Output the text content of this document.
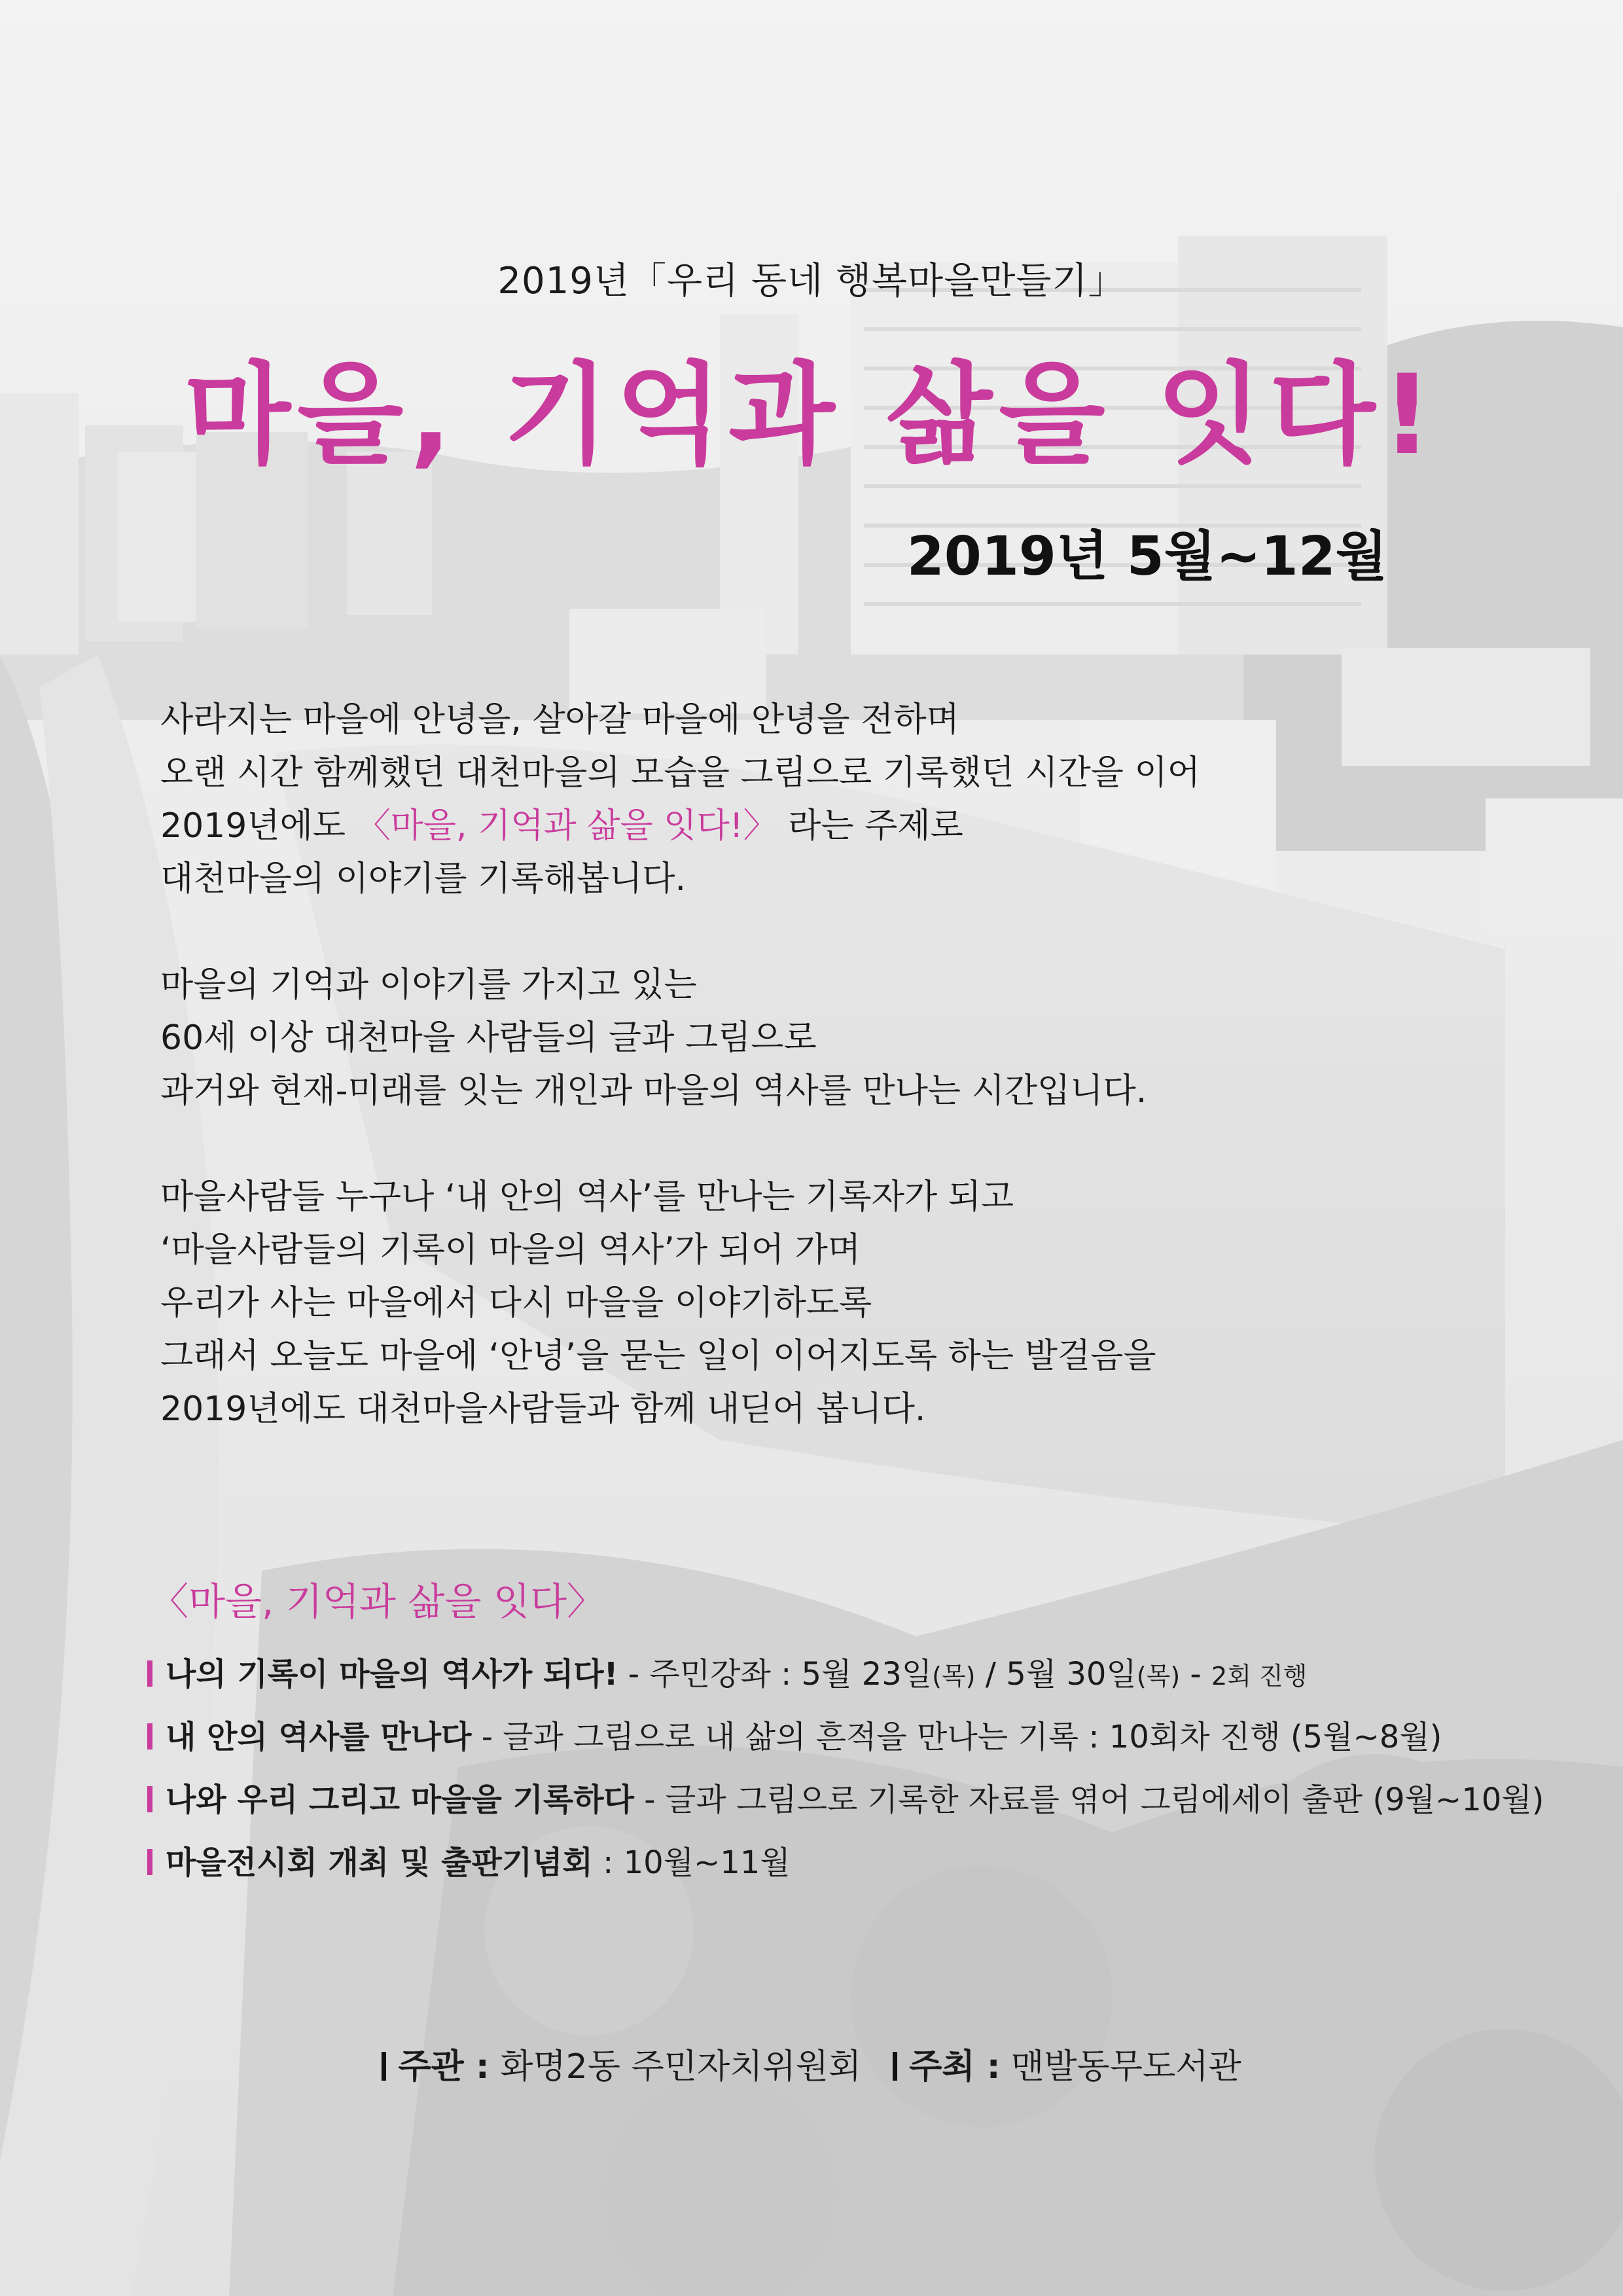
2019년「우리 동네 행복마을만들기」
마을, 기억과 삶을 잇다!
2019년 5월~12월
사라지는 마을에 안녕을, 살아갈 마을에 안녕을 전하며
오랜 시간 함께했던 대천마을의 모습을 그림으로 기록했던 시간을 이어
2019년에도 〈마을, 기억과 삶을 잇다!〉 라는 주제로
대천마을의 이야기를 기록해봅니다.
마을의 기억과 이야기를 가지고 있는
60세 이상 대천마을 사람들의 글과 그림으로
과거와 현재-미래를 잇는 개인과 마을의 역사를 만나는 시간입니다.
마을사람들 누구나 ‘내 안의 역사’를 만나는 기록자가 되고
‘마을사람들의 기록이 마을의 역사’가 되어 가며
우리가 사는 마을에서 다시 마을을 이야기하도록
그래서 오늘도 마을에 ‘안녕’을 묻는 일이 이어지도록 하는 발걸음을
2019년에도 대천마을사람들과 함께 내딛어 봅니다.
〈마을, 기억과 삶을 잇다〉
나의 기록이 마을의 역사가 되다! - 주민강좌 : 5월 23일(목) / 5월 30일(목) - 2회 진행
내 안의 역사를 만나다 - 글과 그림으로 내 삶의 흔적을 만나는 기록 : 10회차 진행 (5월~8월)
나와 우리 그리고 마을을 기록하다 - 글과 그림으로 기록한 자료를 엮어 그림에세이 출판 (9월~10월)
마을전시회 개최 및 출판기념회 : 10월~11월
주관 : 화명2동 주민자치위원회 주최 : 맨발동무도서관
